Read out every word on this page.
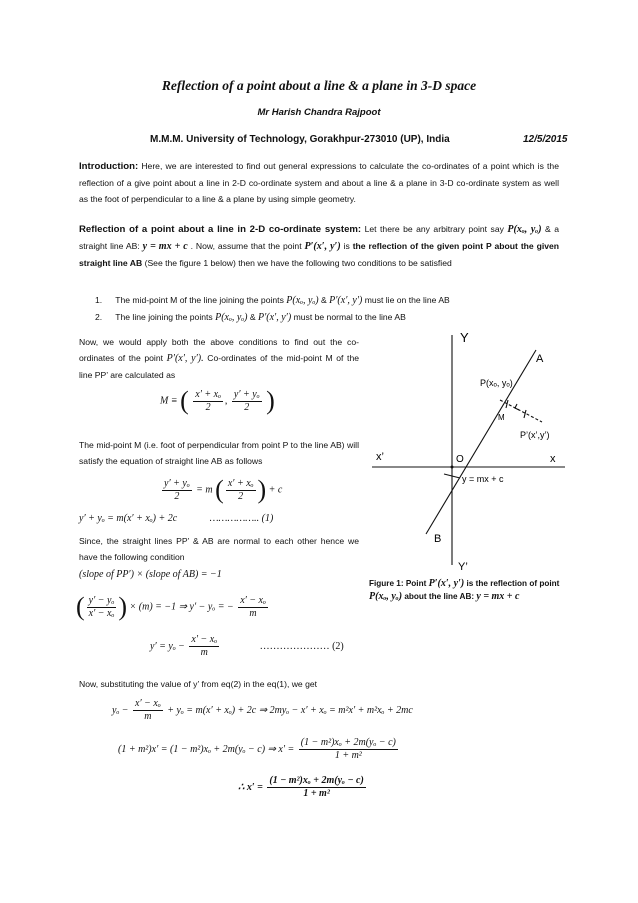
Reflection of a point about a line & a plane in 3-D space
Mr Harish Chandra Rajpoot
M.M.M. University of Technology, Gorakhpur-273010 (UP), India	12/5/2015
Introduction: Here, we are interested to find out general expressions to calculate the co-ordinates of a point which is the reflection of a give point about a line in 2-D co-ordinate system and about a line & a plane in 3-D co-ordinate system as well as the foot of perpendicular to a line & a plane by using simple geometry.
Reflection of a point about a line in 2-D co-ordinate system: Let there be any arbitrary point say P(xₒ, yₒ) & a straight line AB: y = mx + c . Now, assume that the point P′(x′, y′) is the reflection of the given point P about the given straight line AB (See the figure 1 below) then we have the following two conditions to be satisfied
1. The mid-point M of the line joining the points P(xₒ, yₒ) & P′(x′, y′) must lie on the line AB
2. The line joining the points P(xₒ, yₒ) & P′(x′, y′) must be normal to the line AB
Now, we would apply both the above conditions to find out the co-ordinates of the point P′(x′, y′). Co-ordinates of the mid-point M of the line PP’ are calculated as
M ≡ ( $\frac{\text{x′ + xₒ}}{2}$ , $\frac{\text{y′ + yₒ}}{2}$ )
The mid-point M (i.e. foot of perpendicular from point P to the line AB) will satisfy the equation of straight line AB as follows
$\frac{\text{y′ + yₒ}}{2} = m$ ( $\frac{\text{x′ + xₒ}}{2}$ ) + c
y′ + yₒ = m(x′ + xₒ) + 2c	…………….. (1)
Since, the straight lines PP’ & AB are normal to each other hence we have the following condition
(slope of PP′) × (slope of AB) = −1
( $\frac{\text{y′ − yₒ}}{\text{x′ − xₒ}}$ ) × (m) = −1 ⇒ y′ − yₒ = − $\frac{\text{x′ − xₒ}}{m}$
$y' = y_o - \frac{\text{x′ − xₒ}}{m}$	………………… (2)
Now, substituting the value of y’ from eq(2) in the eq(1), we get
$y_o - \frac{\text{x′ − xₒ}}{m} + y_o = m(x' + x_o) + 2c$ ⇒ 2myₒ − x′ + xₒ = m²x′ + m²xₒ + 2mc
(1 + m²)x′ = (1 − m²)xₒ + 2m(yₒ − c) ⇒ $x' = \frac{\text{(1 − m²)xₒ + 2m(yₒ − c)}}{\text{1 + m²}}$
∴ $x' = \frac{\text{(1 − m²)xₒ + 2m(yₒ − c)}}{\text{1 + m²}}$
Y
Y’
x’	x
O
A
B
M
P(xₒ, yₒ)
P’(x’,y’)
y = mx + c
Figure 1: Point P′(x′, y′) is the reflection of point P(xₒ, yₒ) about the line AB: y = mx + c
